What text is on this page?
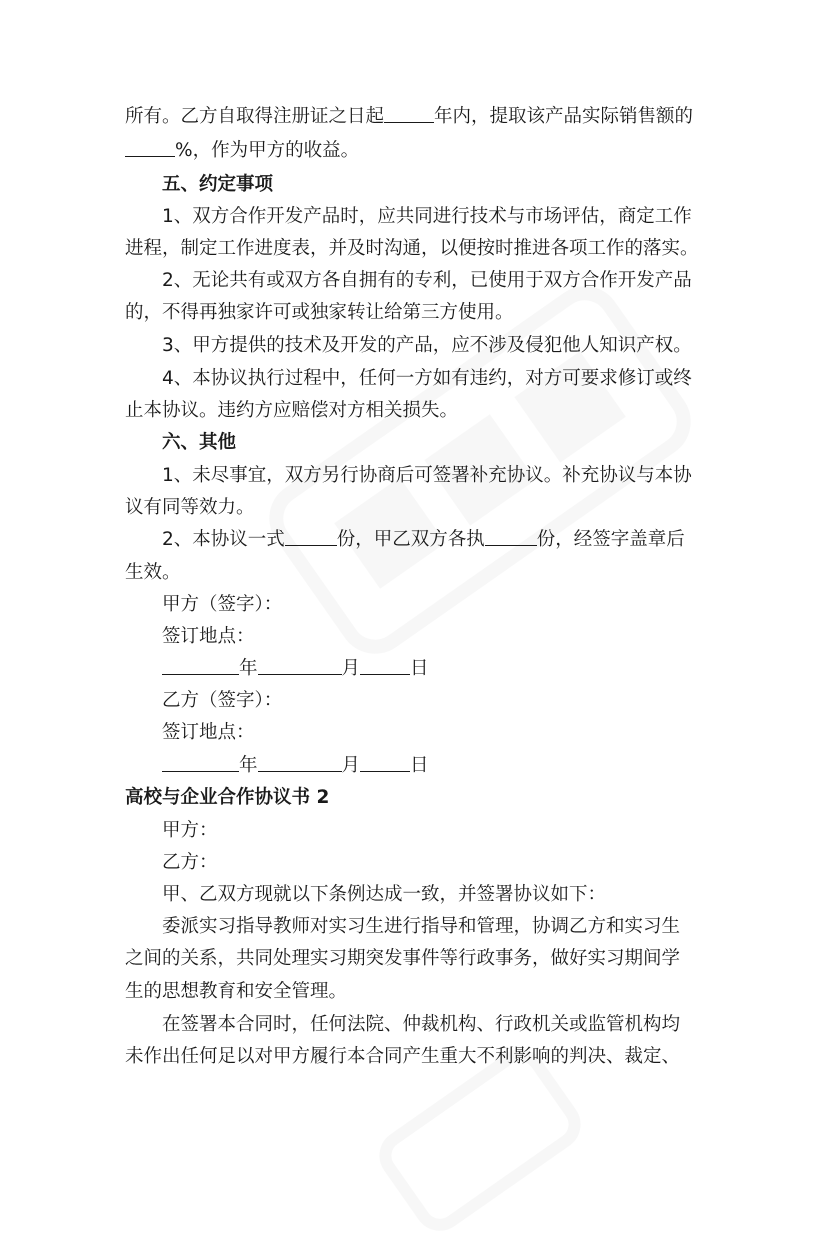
所有。乙方自取得注册证之日起	年内，提取该产品实际销售额的
%，作为甲方的收益。
五、约定事项
1、双方合作开发产品时，应共同进行技术与市场评估，商定工作
进程，制定工作进度表，并及时沟通，以便按时推进各项工作的落实。
2、无论共有或双方各自拥有的专利，已使用于双方合作开发产品
的，不得再独家许可或独家转让给第三方使用。
3、甲方提供的技术及开发的产品，应不涉及侵犯他人知识产权。
4、本协议执行过程中，任何一方如有违约，对方可要求修订或终
止本协议。违约方应赔偿对方相关损失。
六、其他
1、未尽事宜，双方另行协商后可签署补充协议。补充协议与本协
议有同等效力。
2、本协议一式	份，甲乙双方各执	份，经签字盖章后
生效。
甲方（签字）：
签订地点：
年	月	日
乙方（签字）：
签订地点：
年	月	日
高校与企业合作协议书 2
甲方：
乙方：
甲、乙双方现就以下条例达成一致，并签署协议如下：
委派实习指导教师对实习生进行指导和管理，协调乙方和实习生
之间的关系，共同处理实习期突发事件等行政事务，做好实习期间学
生的思想教育和安全管理。
在签署本合同时，任何法院、仲裁机构、行政机关或监管机构均
未作出任何足以对甲方履行本合同产生重大不利影响的判决、裁定、
